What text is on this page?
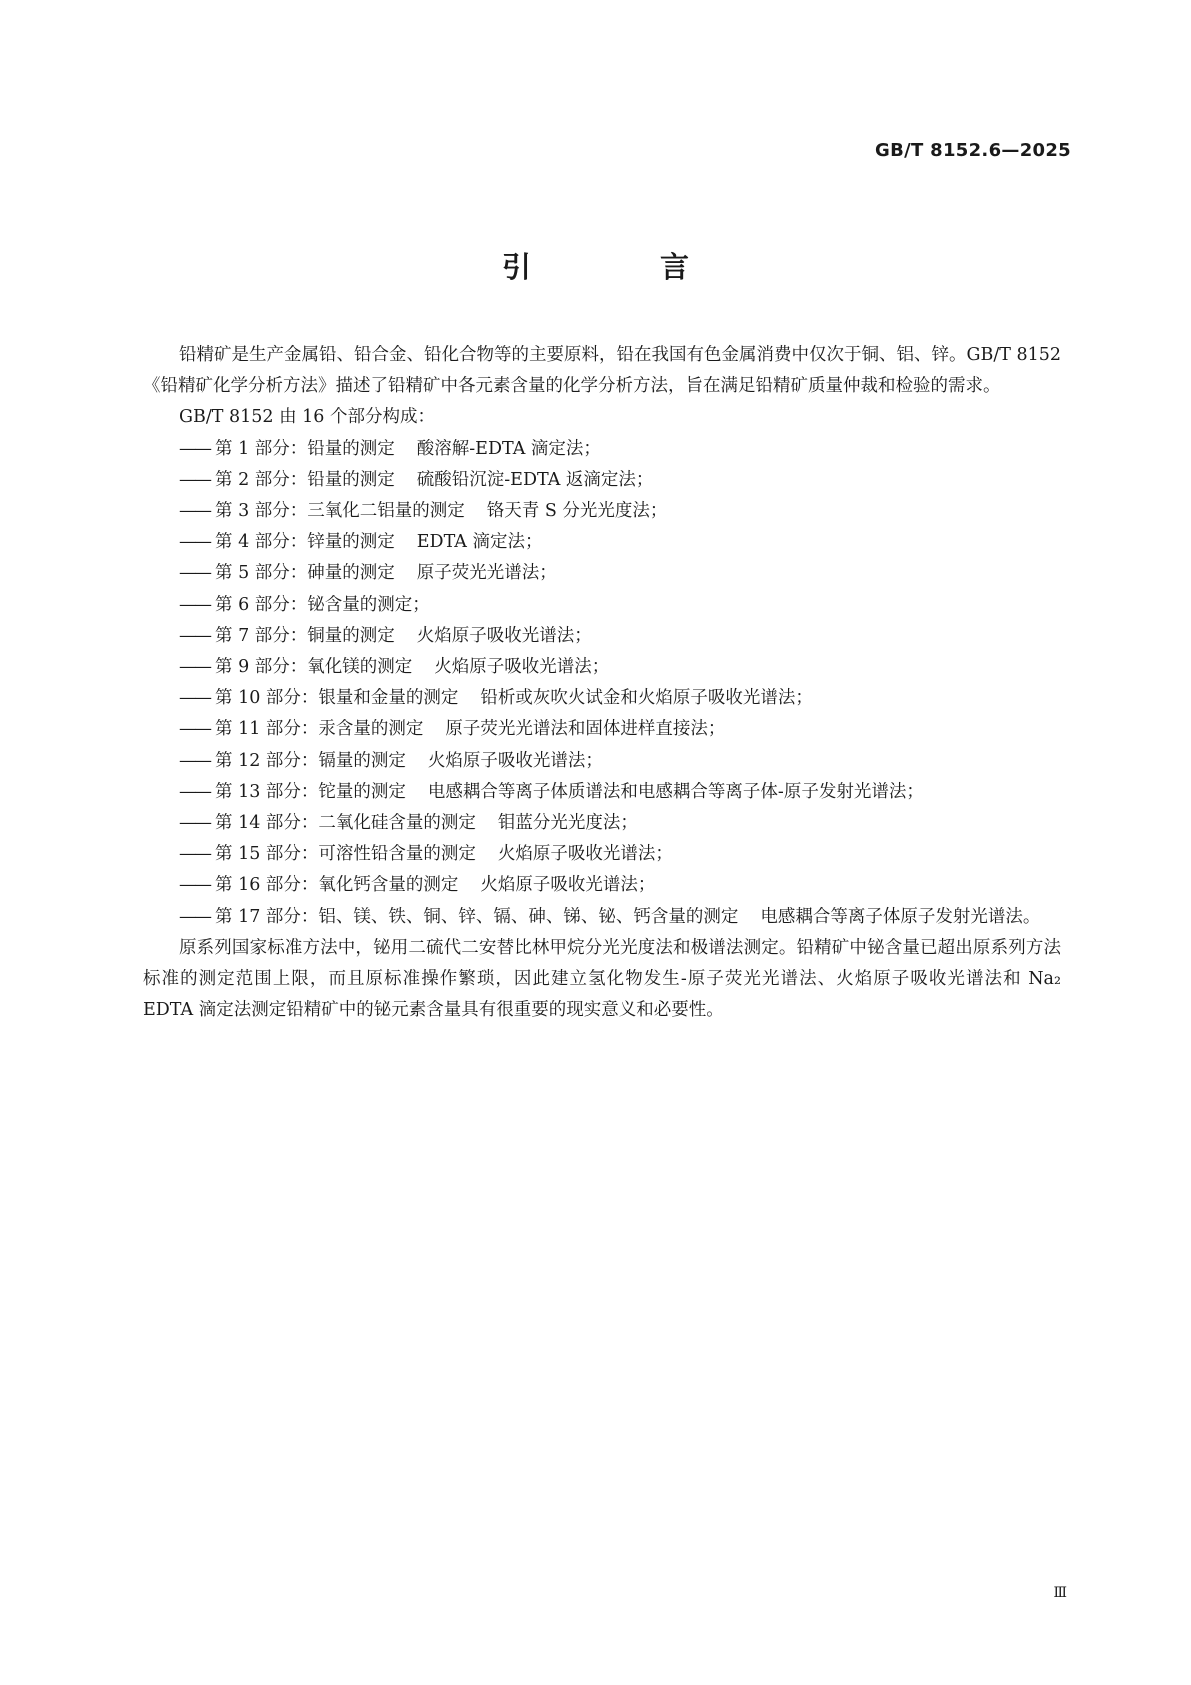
GB/T 8152.6—2025
引　言

铅精矿是生产金属铅、铅合金、铅化合物等的主要原料，铅在我国有色金属消费中仅次于铜、铝、锌。GB/T 8152《铅精矿化学分析方法》描述了铅精矿中各元素含量的化学分析方法，旨在满足铅精矿质量仲裁和检验的需求。

GB/T 8152 由 16 个部分构成：

—— 第 1 部分：铅量的测定 酸溶解-EDTA 滴定法；
—— 第 2 部分：铅量的测定 硫酸铅沉淀-EDTA 返滴定法；
—— 第 3 部分：三氧化二铝量的测定 铬天青 S 分光光度法；
—— 第 4 部分：锌量的测定 EDTA 滴定法；
—— 第 5 部分：砷量的测定 原子荧光光谱法；
—— 第 6 部分：铋含量的测定；
—— 第 7 部分：铜量的测定 火焰原子吸收光谱法；
—— 第 9 部分：氧化镁的测定 火焰原子吸收光谱法；
—— 第 10 部分：银量和金量的测定 铅析或灰吹火试金和火焰原子吸收光谱法；
—— 第 11 部分：汞含量的测定 原子荧光光谱法和固体进样直接法；
—— 第 12 部分：镉量的测定 火焰原子吸收光谱法；
—— 第 13 部分：铊量的测定 电感耦合等离子体质谱法和电感耦合等离子体-原子发射光谱法；
—— 第 14 部分：二氧化硅含量的测定 钼蓝分光光度法；
—— 第 15 部分：可溶性铅含量的测定 火焰原子吸收光谱法；
—— 第 16 部分：氧化钙含量的测定 火焰原子吸收光谱法；
—— 第 17 部分：铝、镁、铁、铜、锌、镉、砷、锑、铋、钙含量的测定 电感耦合等离子体原子发射光谱法。

原系列国家标准方法中，铋用二硫代二安替比林甲烷分光光度法和极谱法测定。铅精矿中铋含量已超出原系列方法标准的测定范围上限，而且原标准操作繁琐，因此建立氢化物发生-原子荧光光谱法、火焰原子吸收光谱法和 Na₂ EDTA 滴定法测定铅精矿中的铋元素含量具有很重要的现实意义和必要性。

Ⅲ
